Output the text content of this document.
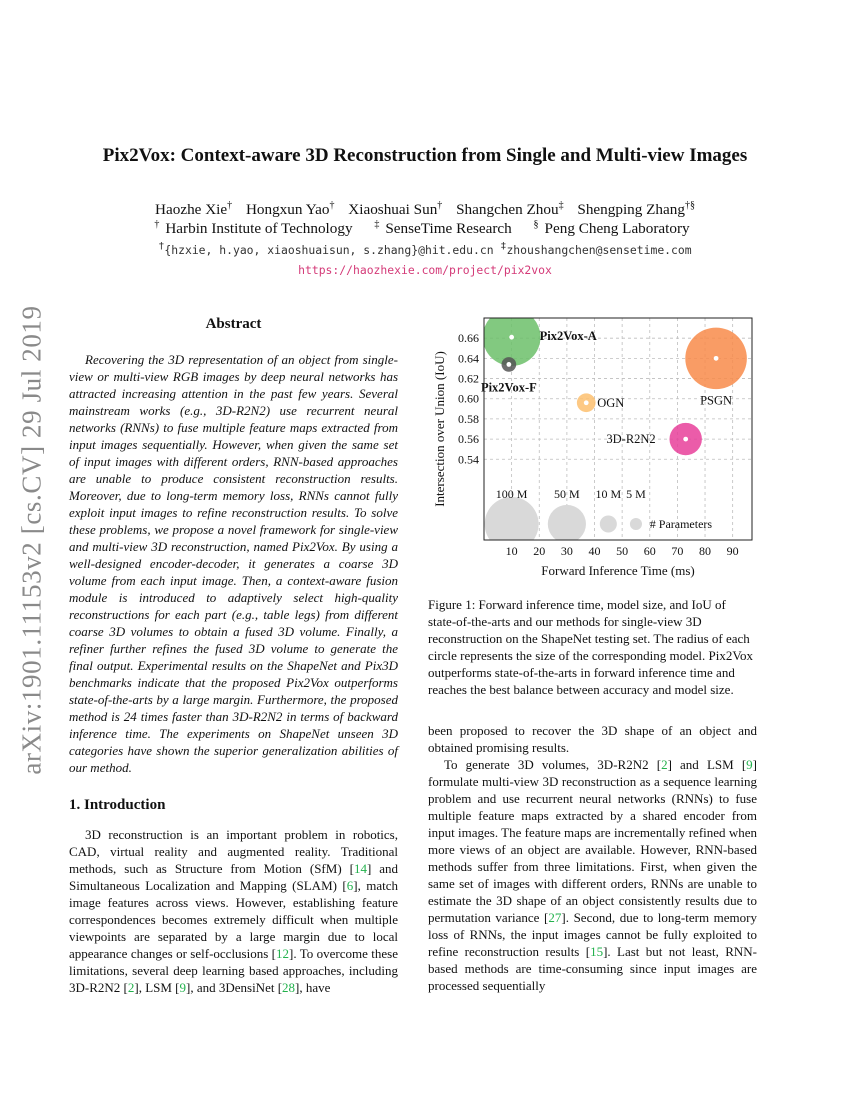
arXiv:1901.11153v2 [cs.CV] 29 Jul 2019
Pix2Vox: Context-aware 3D Reconstruction from Single and Multi-view Images
Haozhe Xie† Hongxun Yao† Xiaoshuai Sun† Shangchen Zhou‡ Shengping Zhang†§
† Harbin Institute of Technology ‡ SenseTime Research § Peng Cheng Laboratory
†{hzxie, h.yao, xiaoshuaisun, s.zhang}@hit.edu.cn ‡zhoushangchen@sensetime.com
https://haozhexie.com/project/pix2vox
Abstract
Recovering the 3D representation of an object from single-view or multi-view RGB images by deep neural networks has attracted increasing attention in the past few years. Several mainstream works (e.g., 3D-R2N2) use recurrent neural networks (RNNs) to fuse multiple feature maps extracted from input images sequentially. However, when given the same set of input images with different orders, RNN-based approaches are unable to produce consistent reconstruction results. Moreover, due to long-term memory loss, RNNs cannot fully exploit input images to refine reconstruction results. To solve these problems, we propose a novel framework for single-view and multi-view 3D reconstruction, named Pix2Vox. By using a well-designed encoder-decoder, it generates a coarse 3D volume from each input image. Then, a context-aware fusion module is introduced to adaptively select high-quality reconstructions for each part (e.g., table legs) from different coarse 3D volumes to obtain a fused 3D volume. Finally, a refiner further refines the fused 3D volume to generate the final output. Experimental results on the ShapeNet and Pix3D benchmarks indicate that the proposed Pix2Vox outperforms state-of-the-arts by a large margin. Furthermore, the proposed method is 24 times faster than 3D-R2N2 in terms of backward inference time. The experiments on ShapeNet unseen 3D categories have shown the superior generalization abilities of our method.
1. Introduction
3D reconstruction is an important problem in robotics, CAD, virtual reality and augmented reality. Traditional methods, such as Structure from Motion (SfM) [14] and Simultaneous Localization and Mapping (SLAM) [6], match image features across views. However, establishing feature correspondences becomes extremely difficult when multiple viewpoints are separated by a large margin due to local appearance changes or self-occlusions [12]. To overcome these limitations, several deep learning based approaches, including 3D-R2N2 [2], LSM [9], and 3DensiNet [28], have
10 20 30 40 50 60 70 80 90
0.54
0.56
0.58
0.60
0.62
0.64
0.66
100 M 50 M 10 M 5 M
# Parameters
Pix2Vox-A
Pix2Vox-F
OGN	PSGN
3D-R2N2
Forward Inference Time (ms)
Intersection over Union (IoU)
Figure 1: Forward inference time, model size, and IoU of state-of-the-arts and our methods for single-view 3D reconstruction on the ShapeNet testing set. The radius of each circle represents the size of the corresponding model. Pix2Vox outperforms state-of-the-arts in forward inference time and reaches the best balance between accuracy and model size.

been proposed to recover the 3D shape of an object and obtained promising results.

To generate 3D volumes, 3D-R2N2 [2] and LSM [9] formulate multi-view 3D reconstruction as a sequence learning problem and use recurrent neural networks (RNNs) to fuse multiple feature maps extracted by a shared encoder from input images. The feature maps are incrementally refined when more views of an object are available. However, RNN-based methods suffer from three limitations. First, when given the same set of images with different orders, RNNs are unable to estimate the 3D shape of an object consistently results due to permutation variance [27]. Second, due to long-term memory loss of RNNs, the input images cannot be fully exploited to refine reconstruction results [15]. Last but not least, RNN-based methods are time-consuming since input images are processed sequentially
